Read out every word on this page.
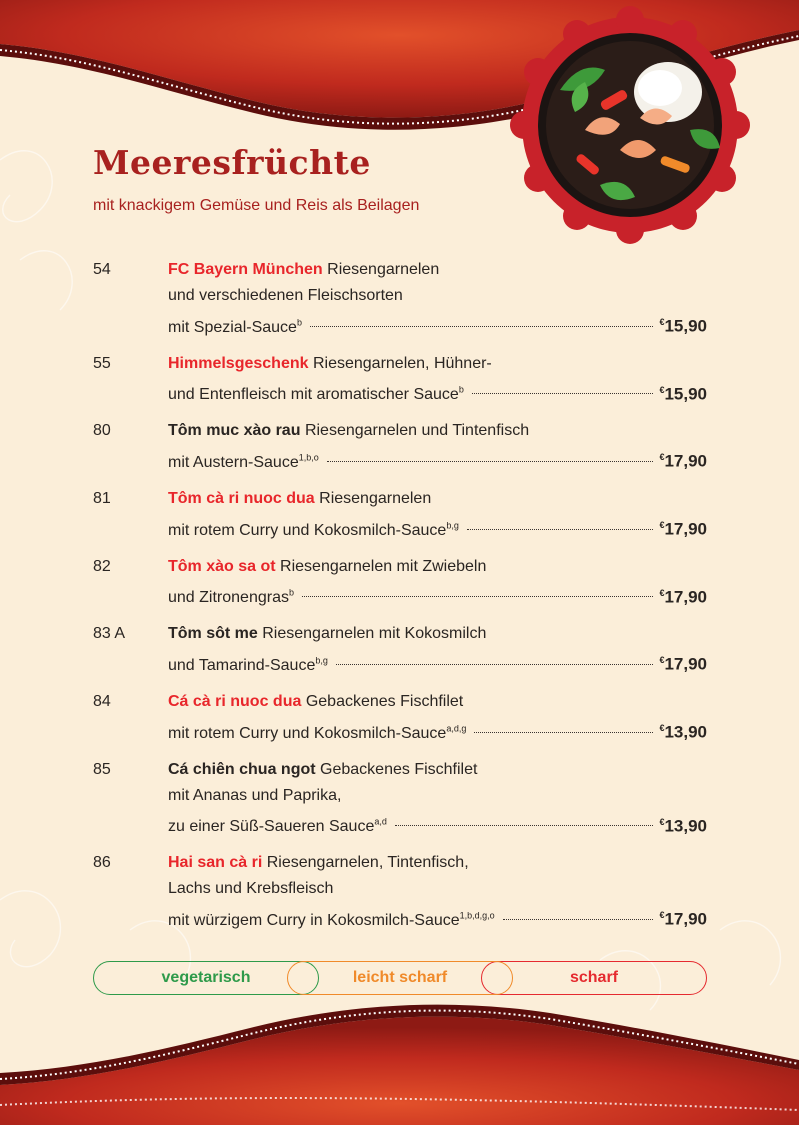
Meeresfrüchte
mit knackigem Gemüse und Reis als Beilagen
54	FC Bayern München Riesengarnelen
und verschiedenen Fleischsorten
mit Spezial-Sauce$^b$	€15,90
55	Himmelsgeschenk Riesengarnelen, Hühner-
und Entenfleisch mit aromatischer Sauce$^b$	€15,90
80	Tôm muc xào rau Riesengarnelen und Tintenfisch
mit Austern-Sauce$^{1,b,o}$	€17,90
81	Tôm cà ri nuoc dua Riesengarnelen
mit rotem Curry und Kokosmilch-Sauce$^{b,g}$	€17,90
82	Tôm xào sa ot Riesengarnelen mit Zwiebeln
und Zitronengras$^b$	€17,90
83 A	Tôm sôt me Riesengarnelen mit Kokosmilch
und Tamarind-Sauce$^{b,g}$	€17,90
84	Cá cà ri nuoc dua Gebackenes Fischfilet
mit rotem Curry und Kokosmilch-Sauce$^{a,d,g}$	€13,90
85	Cá chiên chua ngot Gebackenes Fischfilet
mit Ananas und Paprika,
zu einer Süß-Saueren Sauce$^{a,d}$	€13,90
86	Hai san cà ri Riesengarnelen, Tintenfisch,
Lachs und Krebsfleisch
mit würzigem Curry in Kokosmilch-Sauce$^{1,b,d,g,o}$	€17,90
vegetarisch	scharf
leicht scharf
